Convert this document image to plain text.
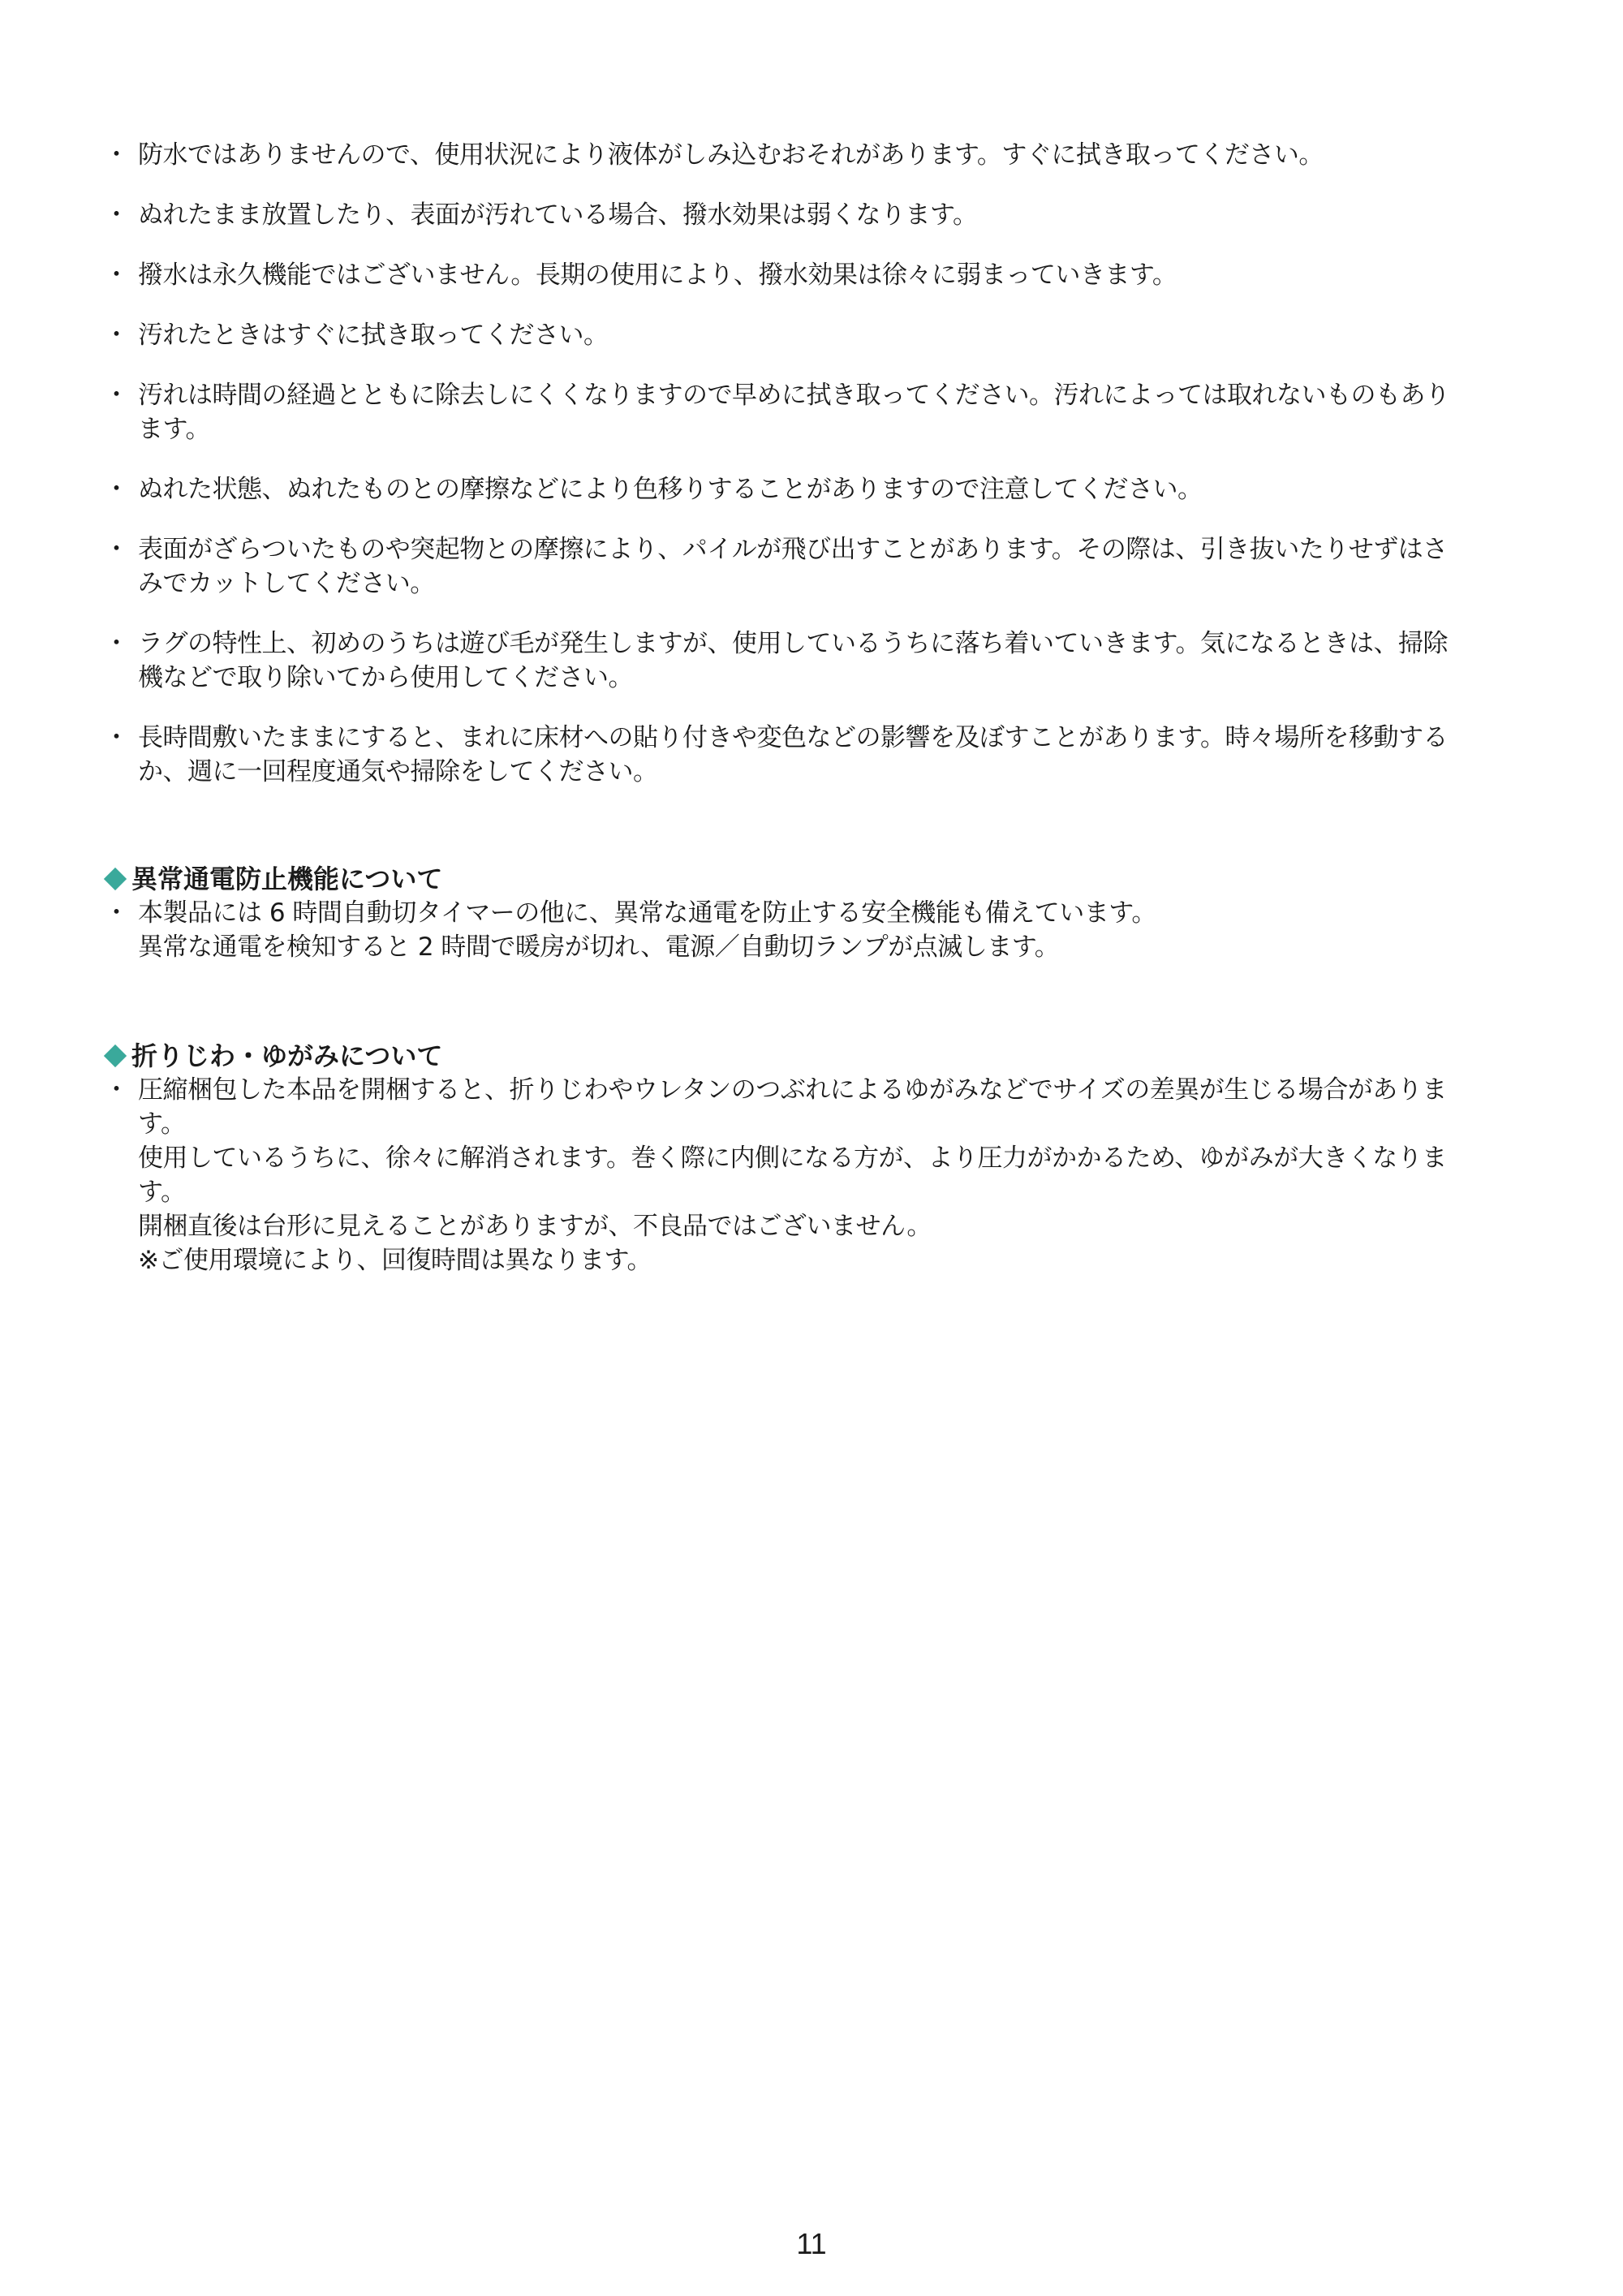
・ 防水ではありませんので、使用状況により液体がしみ込むおそれがあります。すぐに拭き取ってください。
・ ぬれたまま放置したり、表面が汚れている場合、撥水効果は弱くなります。
・ 撥水は永久機能ではございません。長期の使用により、撥水効果は徐々に弱まっていきます。
・ 汚れたときはすぐに拭き取ってください。
・ 汚れは時間の経過とともに除去しにくくなりますので早めに拭き取ってください。汚れによっては取れないものもあり
ます。
・ ぬれた状態、ぬれたものとの摩擦などにより色移りすることがありますので注意してください。
・ 表面がざらついたものや突起物との摩擦により、パイルが飛び出すことがあります。その際は、引き抜いたりせずはさ
みでカットしてください。
・ ラグの特性上、初めのうちは遊び毛が発生しますが、使用しているうちに落ち着いていきます。気になるときは、掃除
機などで取り除いてから使用してください。
・ 長時間敷いたままにすると、まれに床材への貼り付きや変色などの影響を及ぼすことがあります。時々場所を移動する
か、週に一回程度通気や掃除をしてください。
異常通電防止機能について
・ 本製品には 6 時間自動切タイマーの他に、異常な通電を防止する安全機能も備えています。
異常な通電を検知すると 2 時間で暖房が切れ、電源／自動切ランプが点滅します。
折りじわ・ゆがみについて
・ 圧縮梱包した本品を開梱すると、折りじわやウレタンのつぶれによるゆがみなどでサイズの差異が生じる場合がありま
す。
使用しているうちに、徐々に解消されます。巻く際に内側になる方が、より圧力がかかるため、ゆがみが大きくなりま
す。
開梱直後は台形に見えることがありますが、不良品ではございません。
※ご使用環境により、回復時間は異なります。
11
